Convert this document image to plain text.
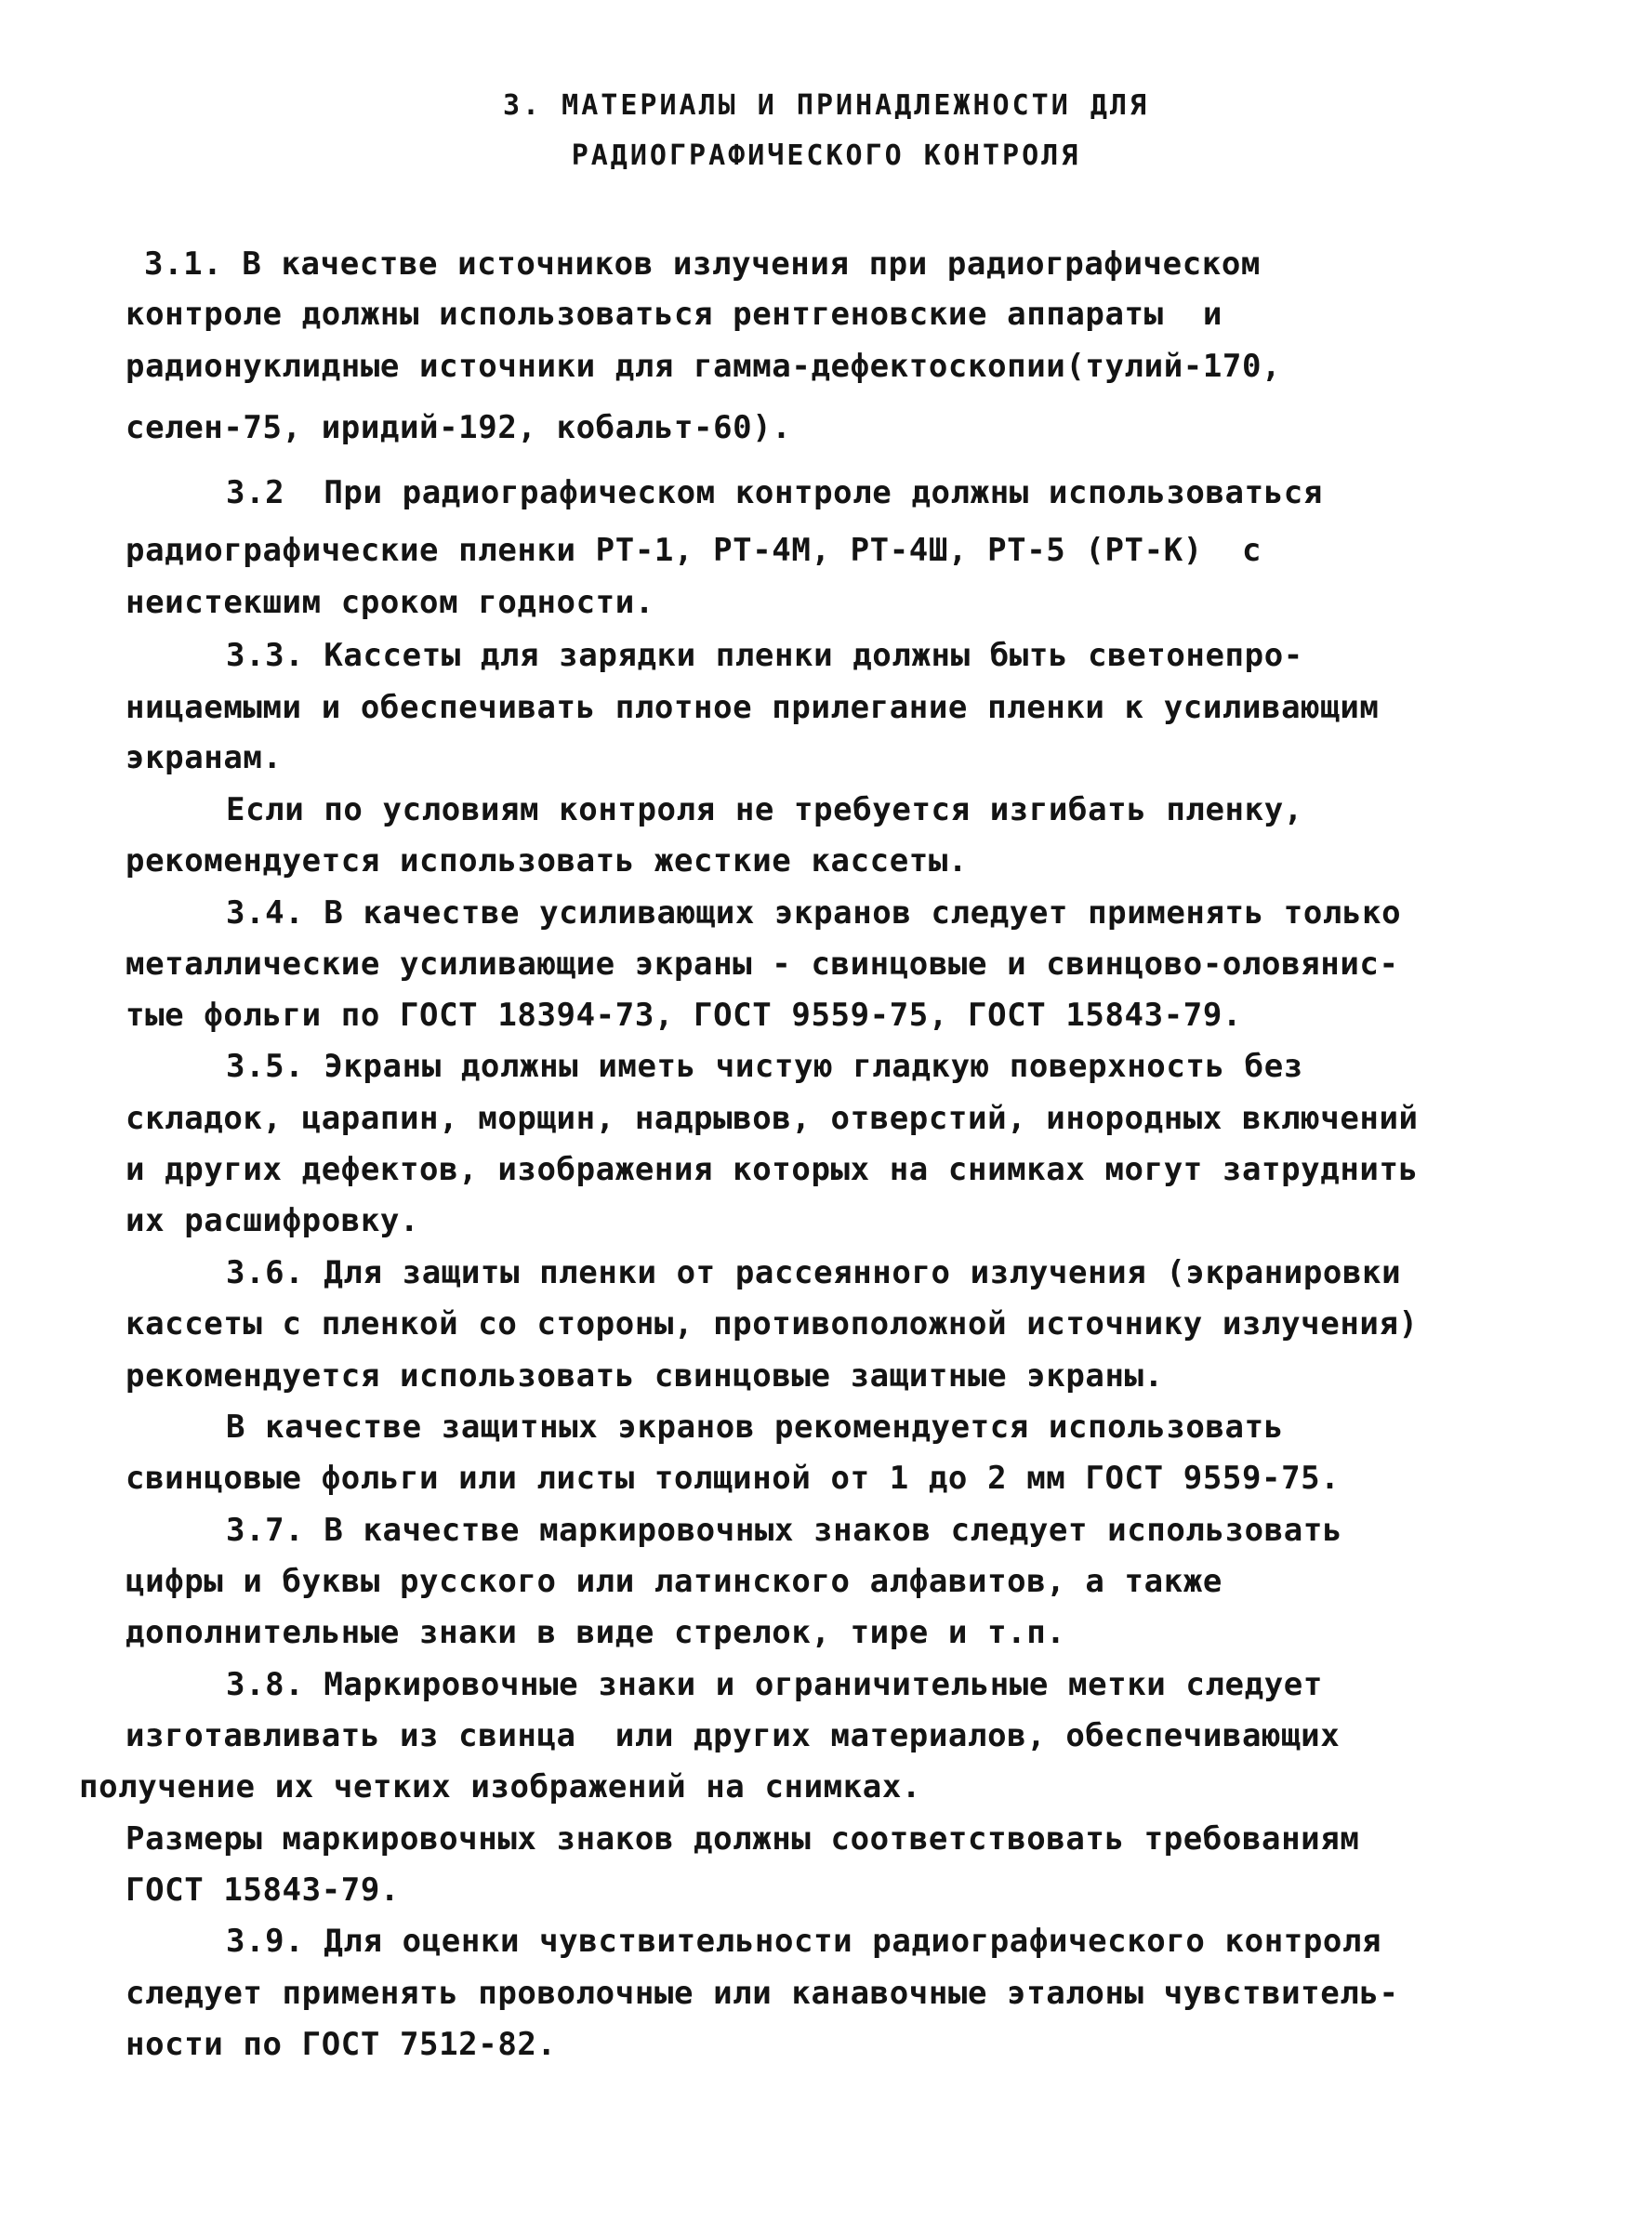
3. МАТЕРИАЛЫ И ПРИНАДЛЕЖНОСТИ ДЛЯ
РАДИОГРАФИЧЕСКОГО КОНТРОЛЯ
3.1. В качестве источников излучения при радиографическом
контроле должны использоваться рентгеновские аппараты  и
радионуклидные источники для гамма-дефектоскопии(тулий-170,
селен-75, иридий-192, кобальт-60).
3.2  При радиографическом контроле должны использоваться
радиографические пленки РТ-1, РТ-4М, РТ-4Ш, РТ-5 (РТ-К)  с
неистекшим сроком годности.
3.3. Кассеты для зарядки пленки должны быть светонепро-
ницаемыми и обеспечивать плотное прилегание пленки к усиливающим
экранам.
Если по условиям контроля не требуется изгибать пленку,
рекомендуется использовать жесткие кассеты.
3.4. В качестве усиливающих экранов следует применять только
металлические усиливающие экраны - свинцовые и свинцово-оловянис-
тые фольги по ГОСТ 18394-73, ГОСТ 9559-75, ГОСТ 15843-79.
3.5. Экраны должны иметь чистую гладкую поверхность без
складок, царапин, морщин, надрывов, отверстий, инородных включений
и других дефектов, изображения которых на снимках могут затруднить
их расшифровку.
3.6. Для защиты пленки от рассеянного излучения (экранировки
кассеты с пленкой со стороны, противоположной источнику излучения)
рекомендуется использовать свинцовые защитные экраны.
В качестве защитных экранов рекомендуется использовать
свинцовые фольги или листы толщиной от 1 до 2 мм ГОСТ 9559-75.
3.7. В качестве маркировочных знаков следует использовать
цифры и буквы русского или латинского алфавитов, а также
дополнительные знаки в виде стрелок, тире и т.п.
3.8. Маркировочные знаки и ограничительные метки следует
изготавливать из свинца  или других материалов, обеспечивающих
получение их четких изображений на снимках.
Размеры маркировочных знаков должны соответствовать требованиям
ГОСТ 15843-79.
3.9. Для оценки чувствительности радиографического контроля
следует применять проволочные или канавочные эталоны чувствитель-
ности по ГОСТ 7512-82.
